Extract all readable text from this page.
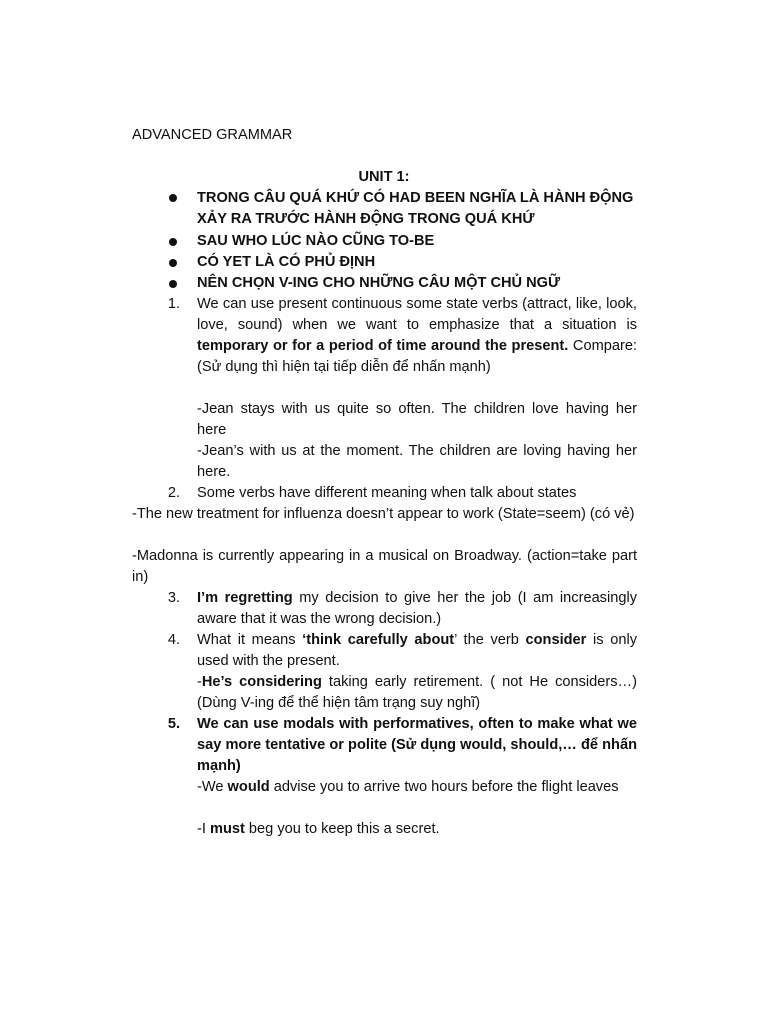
ADVANCED GRAMMAR
UNIT 1:
TRONG CÂU QUÁ KHỨ CÓ HAD BEEN NGHĨA LÀ HÀNH ĐỘNG XẢY RA TRƯỚC HÀNH ĐỘNG TRONG QUÁ KHỨ
SAU WHO LÚC NÀO CŨNG TO-BE
CÓ YET LÀ CÓ PHỦ ĐỊNH
NÊN CHỌN V-ING CHO NHỮNG CÂU MỘT CHỦ NGỮ
1. We can use present continuous some state verbs (attract, like, look, love, sound) when we want to emphasize that a situation is temporary or for a period of time around the present. Compare: (Sử dụng thì hiện tại tiếp diễn để nhấn mạnh)
-Jean stays with us quite so often. The children love having her here
-Jean’s with us at the moment. The children are loving having her here.
2. Some verbs have different meaning when talk about states
-The new treatment for influenza doesn’t appear to work (State=seem) (có vẻ)
-Madonna is currently appearing in a musical on Broadway. (action=take part in)
3. I’m regretting my decision to give her the job (I am increasingly aware that it was the wrong decision.)
4. What it means ‘think carefully about’ the verb consider is only used with the present.
-He’s considering taking early retirement. ( not He considers…) (Dùng V-ing để thể hiện tâm trạng suy nghĩ)
5. We can use modals with performatives, often to make what we say more tentative or polite (Sử dụng would, should,… để nhấn mạnh)
-We would advise you to arrive two hours before the flight leaves
-I must beg you to keep this a secret.
